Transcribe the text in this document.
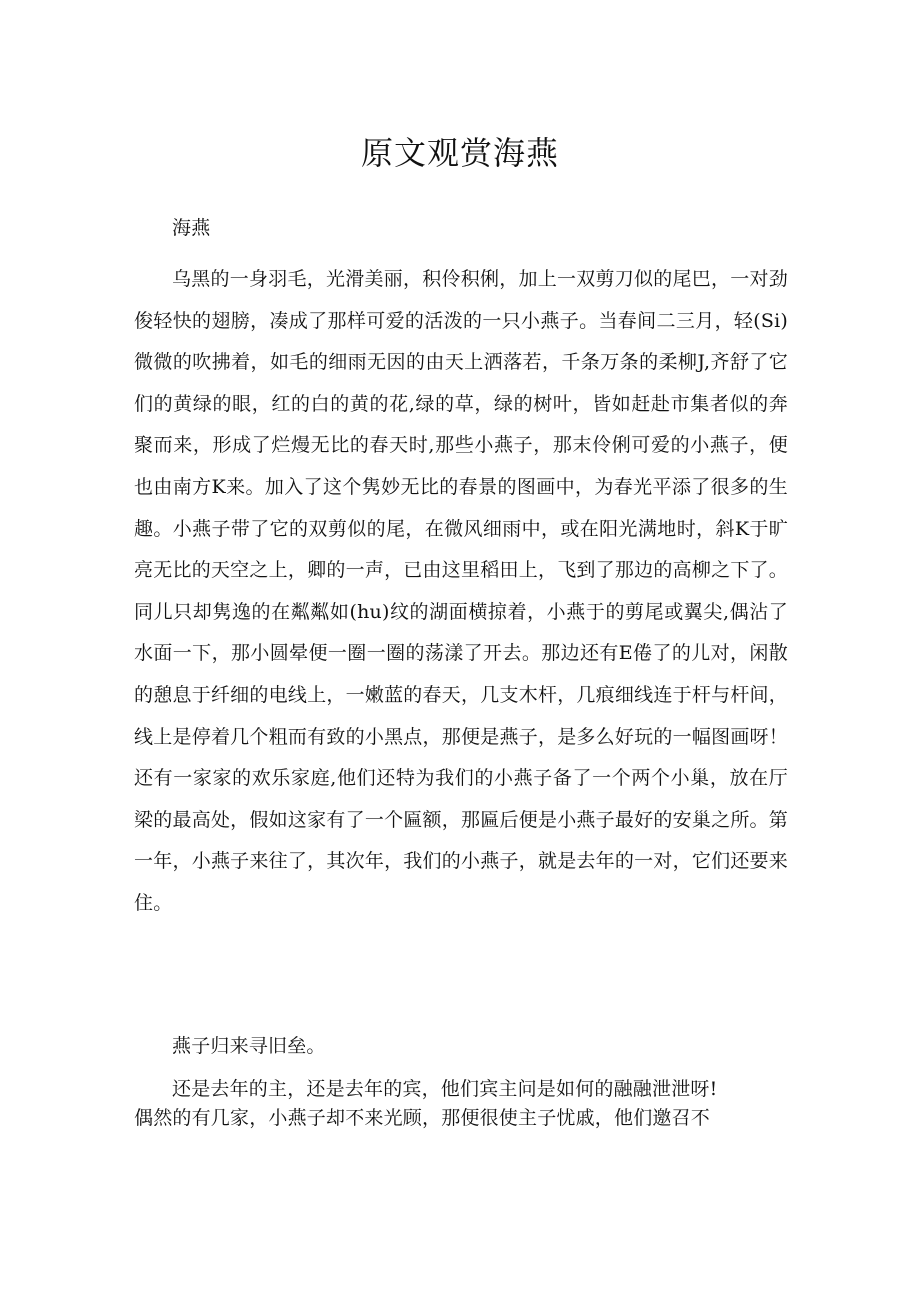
原文观赏海燕

海燕

乌黑的一身羽毛，光滑美丽，积伶积俐，加上一双剪刀似的尾巴，一对劲俊轻快的翅膀，凑成了那样可爱的活泼的一只小燕子。当春间二三月，轻(Si)微微的吹拂着，如毛的细雨无因的由天上洒落若，千条万条的柔柳J,齐舒了它们的黄绿的眼，红的白的黄的花,绿的草，绿的树叶，皆如赶赴市集者似的奔聚而来，形成了烂熳无比的春天时,那些小燕子，那末伶俐可爱的小燕子，便也由南方K来。加入了这个隽妙无比的春景的图画中，为春光平添了很多的生趣。小燕子带了它的双剪似的尾，在微风细雨中，或在阳光满地时，斜K于旷亮无比的天空之上，卿的一声，已由这里稻田上，飞到了那边的高柳之下了。同儿只却隽逸的在粼粼如(hu)纹的湖面横掠着，小燕于的剪尾或翼尖,偶沾了水面一下，那小圆晕便一圈一圈的荡漾了开去。那边还有E倦了的儿对，闲散的憩息于纤细的电线上，一嫩蓝的春天，几支木杆，几痕细线连于杆与杆间，线上是停着几个粗而有致的小黑点，那便是燕子，是多么好玩的一幅图画呀！还有一家家的欢乐家庭,他们还特为我们的小燕子备了一个两个小巢，放在厅梁的最高处，假如这家有了一个匾额，那匾后便是小燕子最好的安巢之所。第一年，小燕子来往了，其次年，我们的小燕子，就是去年的一对，它们还要来住。

燕子归来寻旧垒。

还是去年的主，还是去年的宾，他们宾主问是如何的融融泄泄呀!
偶然的有几家，小燕子却不来光顾，那便很使主子忧戚，他们邀召不
